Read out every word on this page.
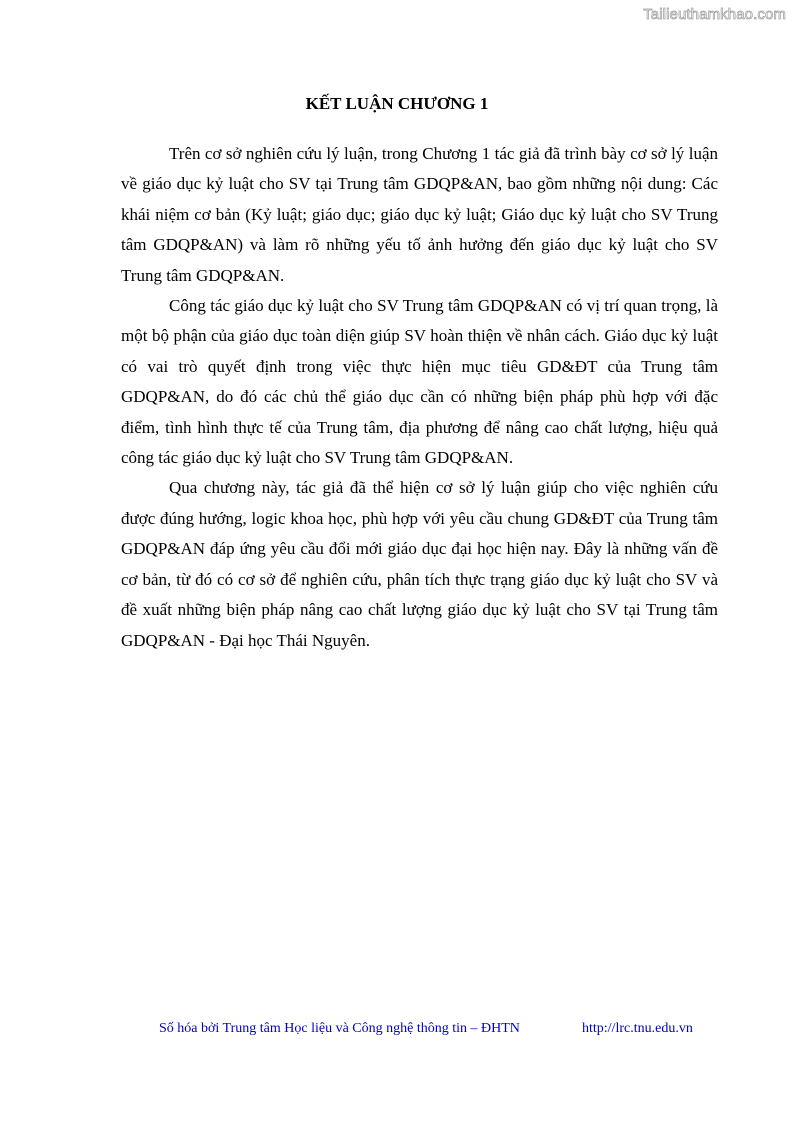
Tailieuthamkhao.com
KẾT LUẬN CHƯƠNG 1

Trên cơ sở nghiên cứu lý luận, trong Chương 1 tác giả đã trình bày cơ sở lý luận về giáo dục kỷ luật cho SV tại Trung tâm GDQP&AN, bao gồm những nội dung: Các khái niệm cơ bản (Kỷ luật; giáo dục; giáo dục kỷ luật; Giáo dục kỷ luật cho SV Trung tâm GDQP&AN) và làm rõ những yếu tố ảnh hưởng đến giáo dục kỷ luật cho SV Trung tâm GDQP&AN.

Công tác giáo dục kỷ luật cho SV Trung tâm GDQP&AN có vị trí quan trọng, là một bộ phận của giáo dục toàn diện giúp SV hoàn thiện về nhân cách. Giáo dục kỷ luật có vai trò quyết định trong việc thực hiện mục tiêu GD&ĐT của Trung tâm GDQP&AN, do đó các chủ thể giáo dục cần có những biện pháp phù hợp với đặc điểm, tình hình thực tế của Trung tâm, địa phương để nâng cao chất lượng, hiệu quả công tác giáo dục kỷ luật cho SV Trung tâm GDQP&AN.

Qua chương này, tác giả đã thể hiện cơ sở lý luận giúp cho việc nghiên cứu được đúng hướng, logic khoa học, phù hợp với yêu cầu chung GD&ĐT của Trung tâm GDQP&AN đáp ứng yêu cầu đổi mới giáo dục đại học hiện nay. Đây là những vấn đề cơ bản, từ đó có cơ sở để nghiên cứu, phân tích thực trạng giáo dục kỷ luật cho SV và đề xuất những biện pháp nâng cao chất lượng giáo dục kỷ luật cho SV tại Trung tâm GDQP&AN - Đại học Thái Nguyên.

Số hóa bởi Trung tâm Học liệu và Công nghệ thông tin – ĐHTN	http://lrc.tnu.edu.vn
